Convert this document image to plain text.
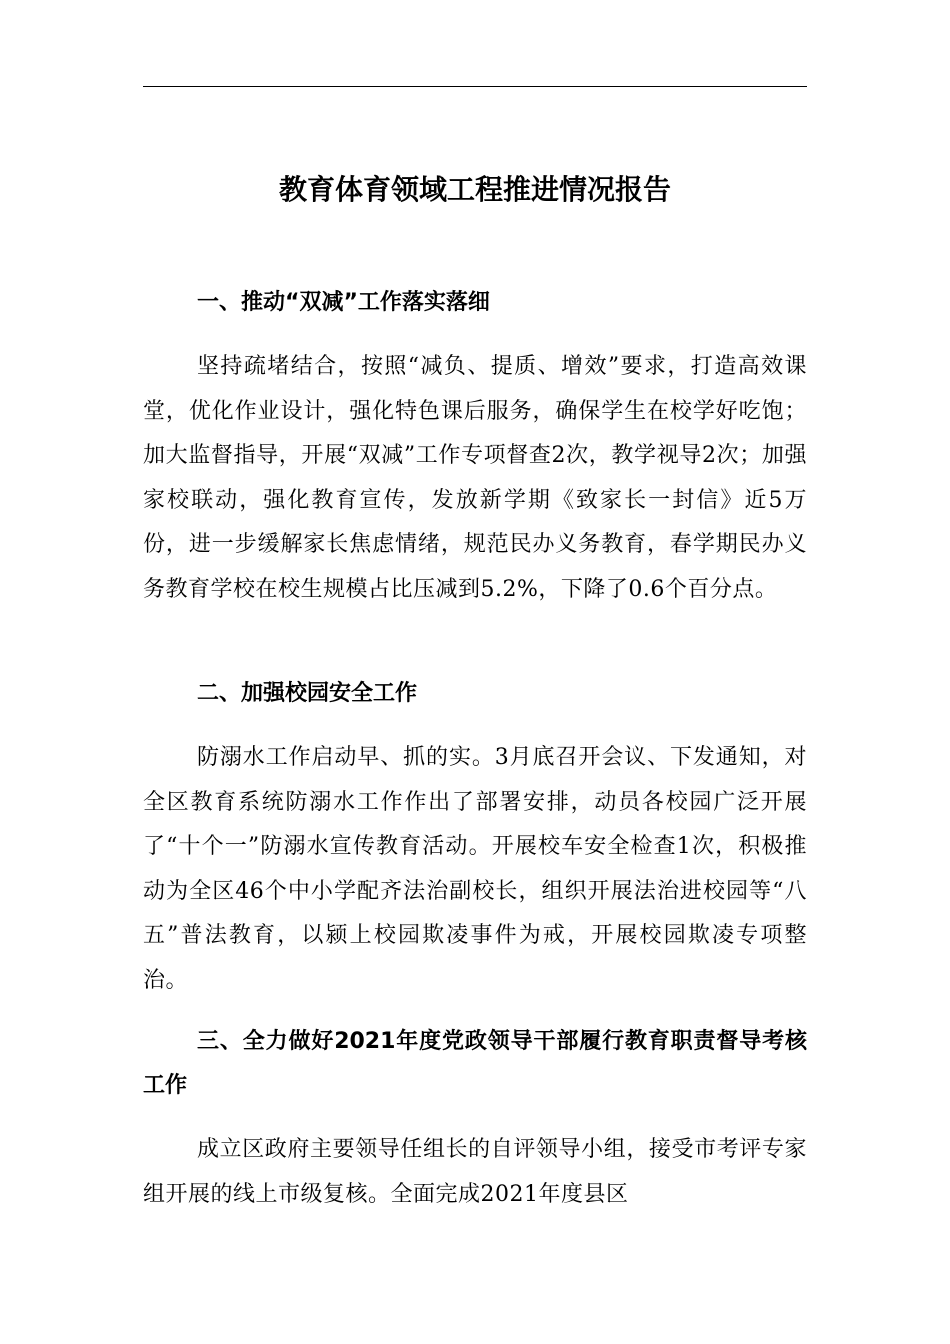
教育体育领域工程推进情况报告
一、推动“双减”工作落实落细

坚持疏堵结合，按照“减负、提质、增效”要求，打造高效课堂，优化作业设计，强化特色课后服务，确保学生在校学好吃饱；加大监督指导，开展“双减”工作专项督查2次，教学视导2次；加强家校联动，强化教育宣传，发放新学期《致家长一封信》近5万份，进一步缓解家长焦虑情绪，规范民办义务教育，春学期民办义务教育学校在校生规模占比压减到5.2%，下降了0.6个百分点。

二、加强校园安全工作

防溺水工作启动早、抓的实。3月底召开会议、下发通知，对全区教育系统防溺水工作作出了部署安排，动员各校园广泛开展了“十个一”防溺水宣传教育活动。开展校车安全检查1次，积极推动为全区46个中小学配齐法治副校长，组织开展法治进校园等“八五”普法教育，以颍上校园欺凌事件为戒，开展校园欺凌专项整治。

三、全力做好2021年度党政领导干部履行教育职责督导考核工作

成立区政府主要领导任组长的自评领导小组，接受市考评专家组开展的线上市级复核。全面完成2021年度县区
